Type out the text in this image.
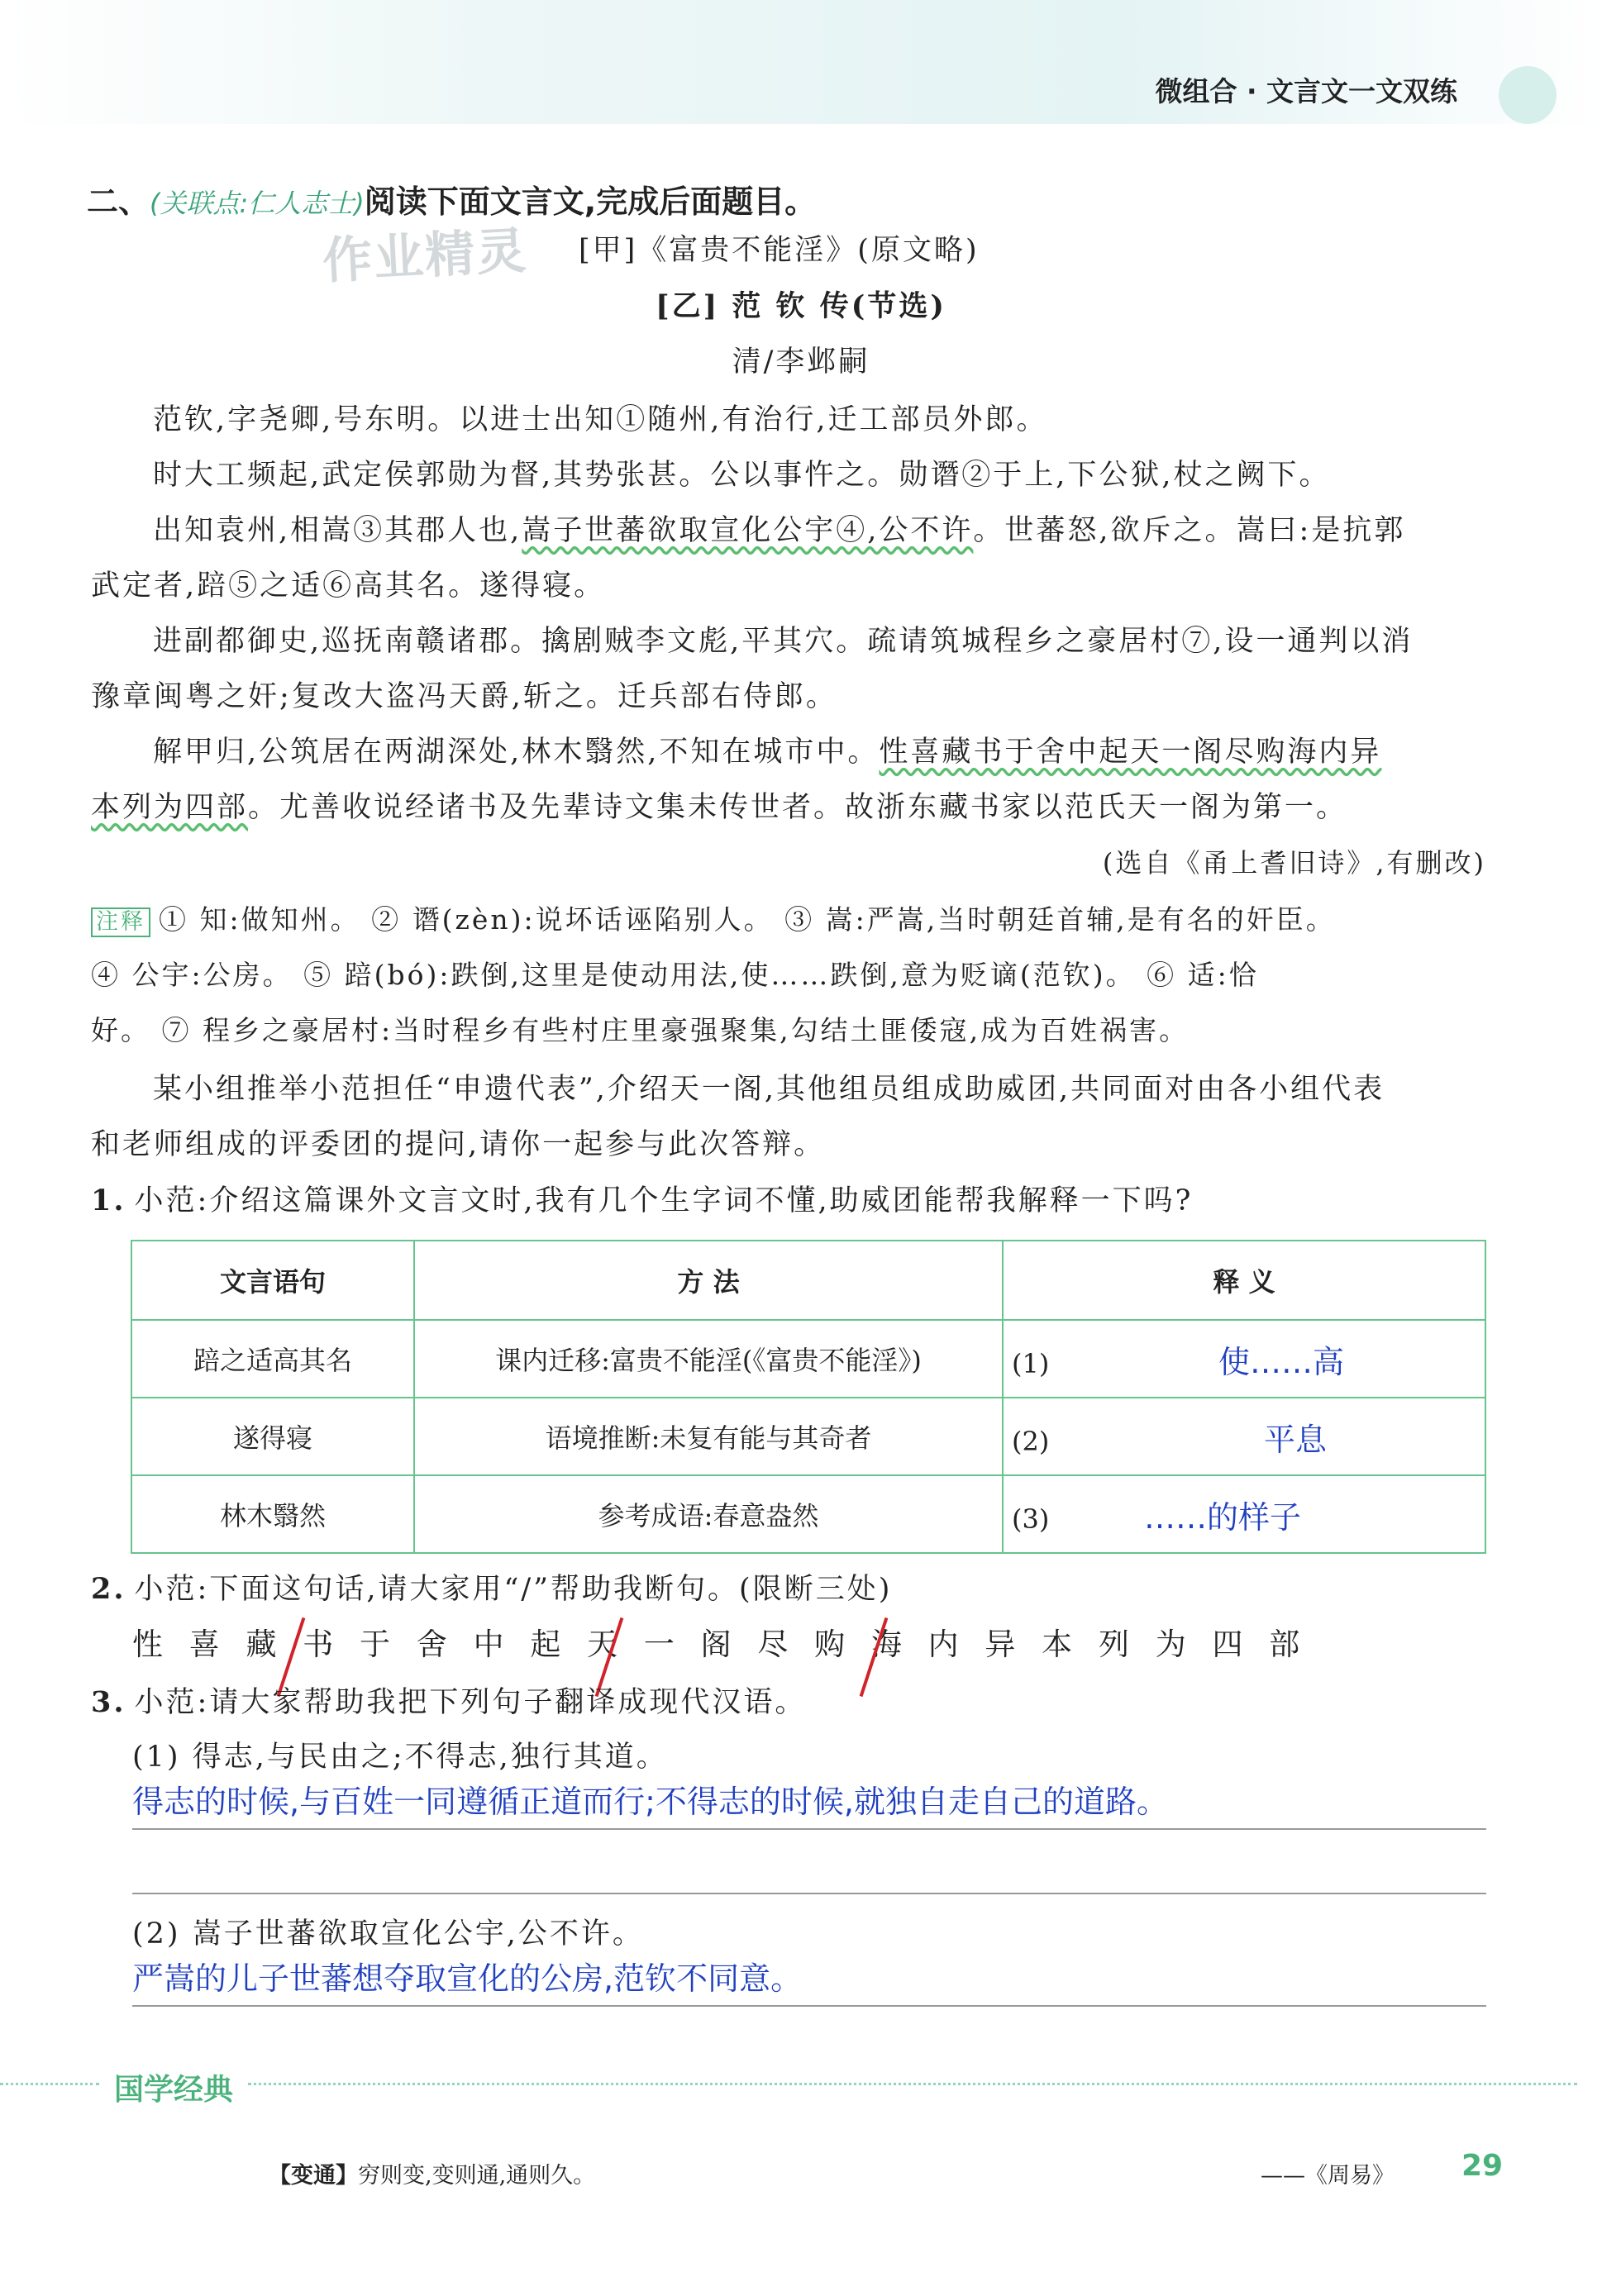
微组合 · 文言文一文双练
二、(关联点:仁人志士)阅读下面文言文,完成后面题目。
作业精灵 [甲]《富贵不能淫》(原文略)
[乙] 范 钦 传(节选)
清/李邺嗣
范钦,字尧卿,号东明。以进士出知①随州,有治行,迁工部员外郎。
时大工频起,武定侯郭勋为督,其势张甚。公以事忤之。勋谮②于上,下公狱,杖之阙下。
出知袁州,相嵩③其郡人也,嵩子世蕃欲取宣化公宇④,公不许。世蕃怒,欲斥之。嵩曰:是抗郭
武定者,踣⑤之适⑥高其名。遂得寝。
进副都御史,巡抚南赣诸郡。擒剧贼李文彪,平其穴。疏请筑城程乡之豪居村⑦,设一通判以消
豫章闽粤之奸;复改大盗冯天爵,斩之。迁兵部右侍郎。
解甲归,公筑居在两湖深处,林木翳然,不知在城市中。性喜藏书于舍中起天一阁尽购海内异
本列为四部。尤善收说经诸书及先辈诗文集未传世者。故浙东藏书家以范氏天一阁为第一。
(选自《甬上耆旧诗》,有删改)
注释 ① 知:做知州。 ② 谮(zèn):说坏话诬陷别人。 ③ 嵩:严嵩,当时朝廷首辅,是有名的奸臣。
④ 公宇:公房。 ⑤ 踣(bó):跌倒,这里是使动用法,使……跌倒,意为贬谪(范钦)。 ⑥ 适:恰
好。 ⑦ 程乡之豪居村:当时程乡有些村庄里豪强聚集,勾结土匪倭寇,成为百姓祸害。
某小组推举小范担任“申遗代表”,介绍天一阁,其他组员组成助威团,共同面对由各小组代表
和老师组成的评委团的提问,请你一起参与此次答辩。
1. 小范:介绍这篇课外文言文时,我有几个生字词不懂,助威团能帮我解释一下吗?
文言语句	方 法	释 义
踣之适高其名	课内迁移:富贵不能淫(《富贵不能淫》)	(1) 使……高
遂得寝	语境推断:未复有能与其奇者	(2) 平息
林木翳然	参考成语:春意盎然	(3) ……的样子
2. 小范:下面这句话,请大家用“/”帮助我断句。(限断三处)
性 喜 藏 书 于 舍 中 起 天 一 阁 尽 购 海 内 异 本 列 为 四 部
3. 小范:请大家帮助我把下列句子翻译成现代汉语。
(1) 得志,与民由之;不得志,独行其道。
得志的时候,与百姓一同遵循正道而行;不得志的时候,就独自走自己的道路。
(2) 嵩子世蕃欲取宣化公宇,公不许。
严嵩的儿子世蕃想夺取宣化的公房,范钦不同意。
国学经典
【变通】穷则变,变则通,通则久。	——《周易》 29
